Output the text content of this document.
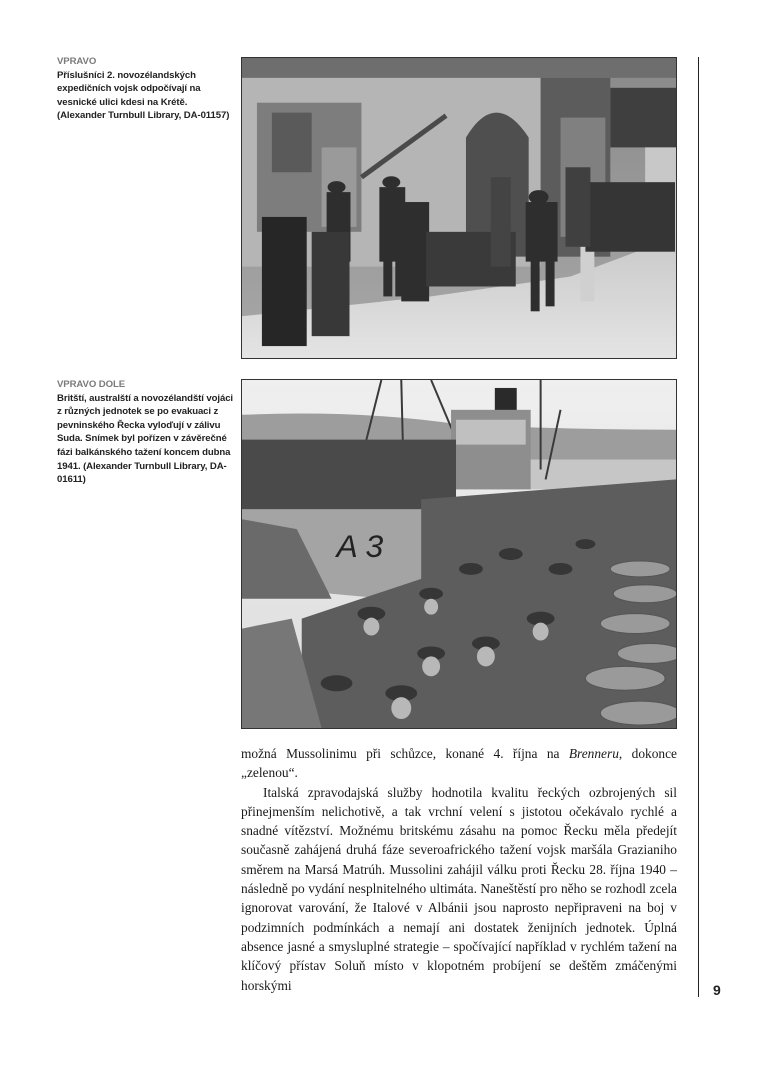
VPRAVO
Příslušníci 2. novozélandských expedičních vojsk odpočívají na vesnické ulici kdesi na Krétě. (Alexander Turnbull Library, DA-01157)
VPRAVO DOLE
Britští, australští a novozélandští vojáci z různých jednotek se po evakuaci z pevninského Řecka vyloďují v zálivu Suda. Snímek byl pořízen v závěrečné fázi balkánského tažení koncem dubna 1941. (Alexander Turnbull Library, DA-01611)
A 3

možná Mussolinimu při schůzce, konané 4. října na Brenneru, dokonce „zelenou“.

Italská zpravodajská služby hodnotila kvalitu řeckých ozbrojených sil přinejmenším nelichotivě, a tak vrchní velení s jistotou očekávalo rychlé a snadné vítězství. Možnému britskému zásahu na pomoc Řecku měla předejít současně zahájená druhá fáze severoafrického tažení vojsk maršála Grazianiho směrem na Marsá Matrúh. Mussolini zahájil válku proti Řecku 28. října 1940 – následně po vydání nesplnitelného ultimáta. Naneštěstí pro něho se rozhodl zcela ignorovat varování, že Italové v Albánii jsou naprosto nepřipraveni na boj v podzimních podmínkách a nemají ani dostatek ženijních jednotek. Úplná absence jasné a smysluplné strategie – spočívající například v rychlém tažení na klíčový přístav Soluň místo v klopotném probíjení se deštěm zmáčenými horskými	9
